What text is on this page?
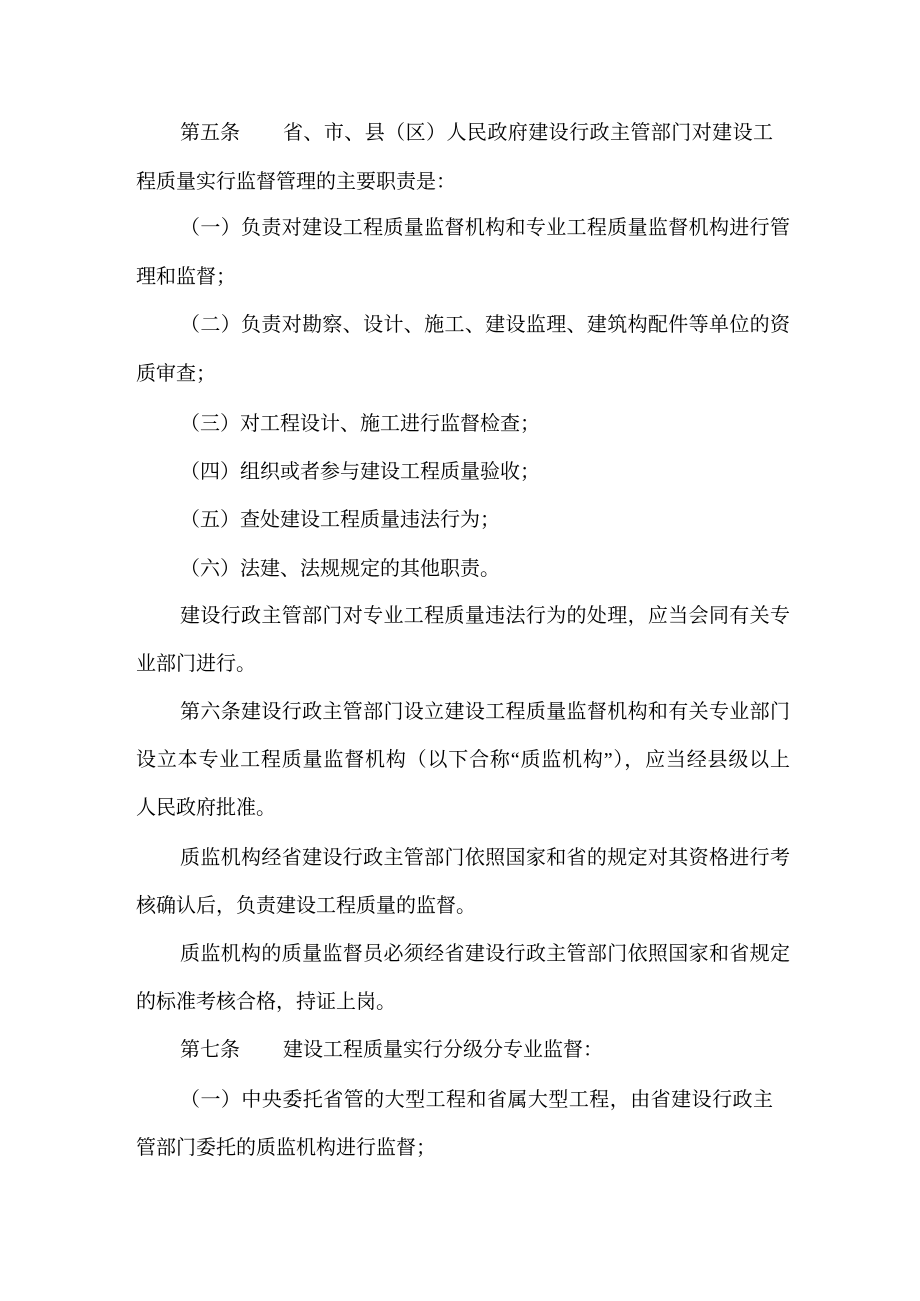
第五条 省、市、县（区）人民政府建设行政主管部门对建设工
程质量实行监督管理的主要职责是：
（一）负责对建设工程质量监督机构和专业工程质量监督机构进行管
理和监督；
（二）负责对勘察、设计、施工、建设监理、建筑构配件等单位的资
质审查；
（三）对工程设计、施工进行监督检查；
（四）组织或者参与建设工程质量验收；
（五）查处建设工程质量违法行为；
（六）法建、法规规定的其他职责。
建设行政主管部门对专业工程质量违法行为的处理，应当会同有关专
业部门进行。
第六条建设行政主管部门设立建设工程质量监督机构和有关专业部门
设立本专业工程质量监督机构（以下合称“质监机构”），应当经县级以上
人民政府批准。
质监机构经省建设行政主管部门依照国家和省的规定对其资格进行考
核确认后，负责建设工程质量的监督。
质监机构的质量监督员必须经省建设行政主管部门依照国家和省规定
的标准考核合格，持证上岗。
第七条 建设工程质量实行分级分专业监督：
（一）中央委托省管的大型工程和省属大型工程，由省建设行政主
管部门委托的质监机构进行监督；
